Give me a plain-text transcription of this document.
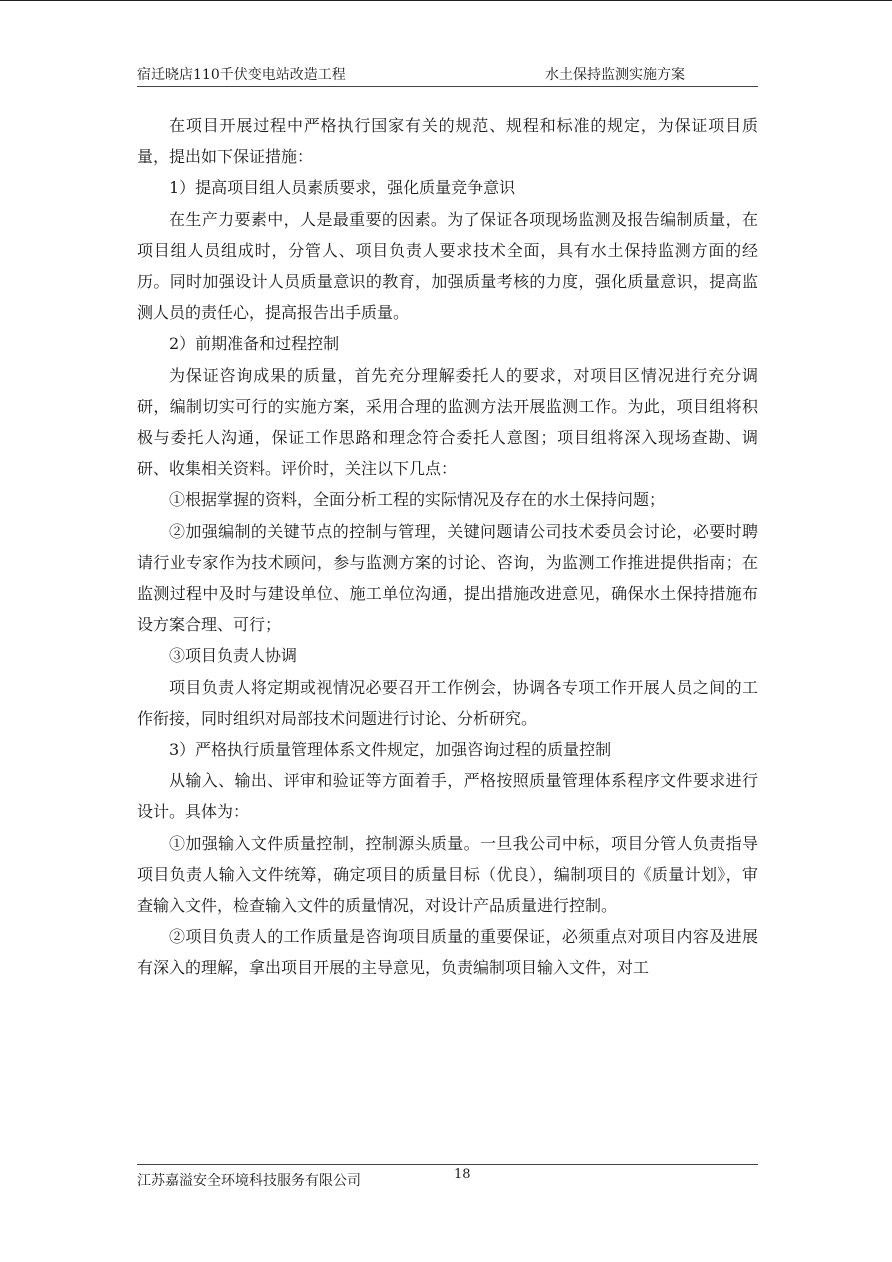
宿迁晓店110千伏变电站改造工程	水土保持监测实施方案

在项目开展过程中严格执行国家有关的规范、规程和标准的规定，为保证项目质量，提出如下保证措施：

1）提高项目组人员素质要求，强化质量竞争意识

在生产力要素中，人是最重要的因素。为了保证各项现场监测及报告编制质量，在项目组人员组成时，分管人、项目负责人要求技术全面，具有水土保持监测方面的经历。同时加强设计人员质量意识的教育，加强质量考核的力度，强化质量意识，提高监测人员的责任心，提高报告出手质量。

2）前期准备和过程控制

为保证咨询成果的质量，首先充分理解委托人的要求，对项目区情况进行充分调研，编制切实可行的实施方案，采用合理的监测方法开展监测工作。为此，项目组将积极与委托人沟通，保证工作思路和理念符合委托人意图；项目组将深入现场查勘、调研、收集相关资料。评价时，关注以下几点：

①根据掌握的资料，全面分析工程的实际情况及存在的水土保持问题；

②加强编制的关键节点的控制与管理，关键问题请公司技术委员会讨论，必要时聘请行业专家作为技术顾问，参与监测方案的讨论、咨询，为监测工作推进提供指南；在监测过程中及时与建设单位、施工单位沟通，提出措施改进意见，确保水土保持措施布设方案合理、可行；

③项目负责人协调

项目负责人将定期或视情况必要召开工作例会，协调各专项工作开展人员之间的工作衔接，同时组织对局部技术问题进行讨论、分析研究。

3）严格执行质量管理体系文件规定，加强咨询过程的质量控制

从输入、输出、评审和验证等方面着手，严格按照质量管理体系程序文件要求进行设计。具体为：

①加强输入文件质量控制，控制源头质量。一旦我公司中标，项目分管人负责指导项目负责人输入文件统筹，确定项目的质量目标（优良），编制项目的《质量计划》，审查输入文件，检查输入文件的质量情况，对设计产品质量进行控制。

②项目负责人的工作质量是咨询项目质量的重要保证，必须重点对项目内容及进展有深入的理解，拿出项目开展的主导意见，负责编制项目输入文件，对工

江苏嘉溢安全环境科技服务有限公司	18
